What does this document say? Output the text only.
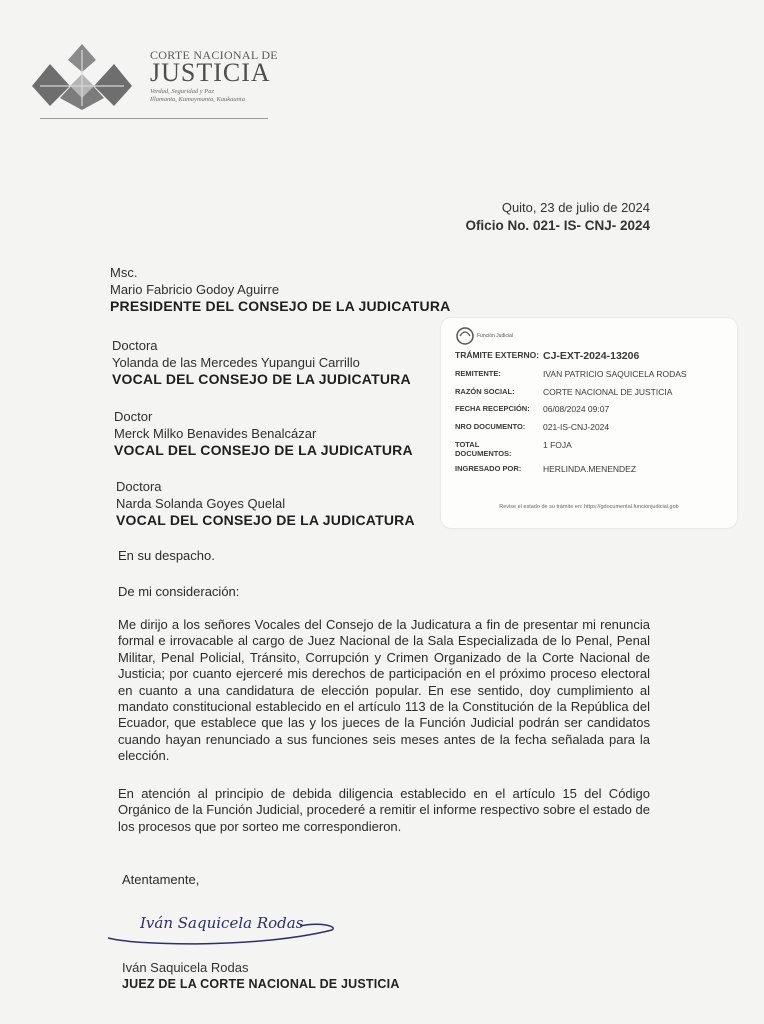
CORTE NACIONAL DE
JUSTICIA
Verdad, Seguridad y Paz
Illamanta, Kamaymanta, Kaukaunta
Quito, 23 de julio de 2024
Oficio No. 021- IS- CNJ- 2024
Msc.
Mario Fabricio Godoy Aguirre
PRESIDENTE DEL CONSEJO DE LA JUDICATURA
Doctora
Yolanda de las Mercedes Yupangui Carrillo
VOCAL DEL CONSEJO DE LA JUDICATURA
Doctor
Merck Milko Benavides Benalcázar
VOCAL DEL CONSEJO DE LA JUDICATURA
Doctora
Narda Solanda Goyes Quelal
VOCAL DEL CONSEJO DE LA JUDICATURA
Función Judicial
TRÁMITE EXTERNO: CJ-EXT-2024-13206
REMITENTE:	IVAN PATRICIO SAQUICELA RODAS
RAZÓN SOCIAL:	CORTE NACIONAL DE JUSTICIA
FECHA RECEPCIÓN: 06/08/2024 09:07
NRO DOCUMENTO: 021-IS-CNJ-2024
TOTAL DOCUMENTOS:1 FOJA
INGRESADO POR:	HERLINDA.MENENDEZ
Revise el estado de su trámite en: https://gdocumental.funcionjudicial.gob
En su despacho.
De mi consideración:
Me dirijo a los señores Vocales del Consejo de la Judicatura a fin de presentar mi renuncia formal e irrovacable al cargo de Juez Nacional de la Sala Especializada de lo Penal, Penal Militar, Penal Policial, Tránsito, Corrupción y Crimen Organizado de la Corte Nacional de Justicia; por cuanto ejerceré mis derechos de participación en el próximo proceso electoral en cuanto a una candidatura de elección popular. En ese sentido, doy cumplimiento al mandato constitucional establecido en el artículo 113 de la Constitución de la República del Ecuador, que establece que las y los jueces de la Función Judicial podrán ser candidatos cuando hayan renunciado a sus funciones seis meses antes de la fecha señalada para la elección.
En atención al principio de debida diligencia establecido en el artículo 15 del Código Orgánico de la Función Judicial, procederé a remitir el informe respectivo sobre el estado de los procesos que por sorteo me correspondieron.
Atentamente,
Iván Saquicela Rodas
Iván Saquicela Rodas
JUEZ DE LA CORTE NACIONAL DE JUSTICIA
